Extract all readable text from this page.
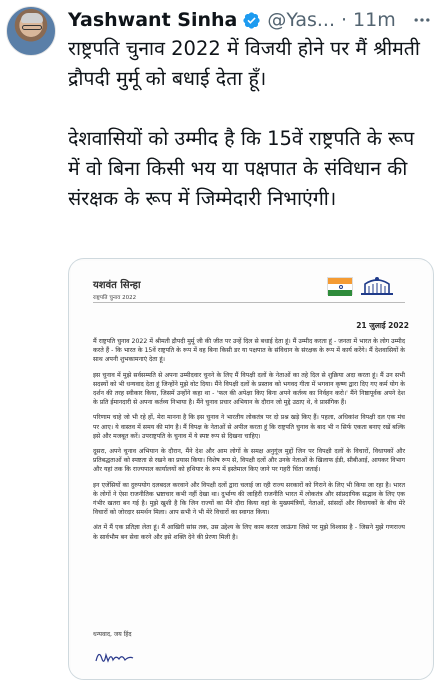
Yashwant Sinha @Yas... · 11m

राष्ट्रपति चुनाव 2022 में विजयी होने पर मैं श्रीमती द्रौपदी मुर्मू को बधाई देता हूँ।

देशवासियों को उम्मीद है कि 15वें राष्ट्रपति के रूप में वो बिना किसी भय या पक्षपात के संविधान की संरक्षक के रूप में जिम्मेदारी निभाएंगी।

यशवंत सिन्हा
राष्ट्रपति चुनाव 2022
21 जुलाई 2022

मैं राष्ट्रपति चुनाव 2022 में श्रीमती द्रौपदी मुर्मू जी की जीत पर उन्हें दिल से बधाई देता हूं। मैं उम्मीद करता हूं - जनता में भारत के लोग उम्मीद करते हैं - कि भारत के 15वें राष्ट्रपति के रूप में वह बिना किसी डर या पक्षपात के संविधान के संरक्षक के रूप में कार्य करेंगे। मैं देशवासियों के साथ अपनी शुभकामनाएं देता हूं।

इस चुनाव में मुझे सर्वसम्मति से अपना उम्मीदवार चुनने के लिए मैं विपक्षी दलों के नेताओं का तहे दिल से शुक्रिया अदा करता हूं। मैं उन सभी सदस्यों को भी धन्यवाद देता हूं जिन्होंने मुझे वोट दिया। मैंने विपक्षी दलों के प्रस्ताव को भगवद गीता में भगवान कृष्ण द्वारा दिए गए कर्म योग के दर्शन की तरह स्वीकार किया, जिसमें उन्होंने कहा था - 'फल की अपेक्षा किए बिना अपने कर्तव्य का निर्वहन करो।' मैंने निष्ठापूर्वक अपने देश के प्रति ईमानदारी से अपना कर्तव्य निभाया है। मैंने चुनाव प्रचार अभियान के दौरान जो मुद्दे उठाए थे, वे प्रासंगिक हैं।

परिणाम चाहे जो भी रहे हों, मेरा मानना है कि इस चुनाव ने भारतीय लोकतंत्र पर दो प्रश्न खड़े किए हैं। पहला, अधिकांश विपक्षी दल एक मंच पर आए। ये वास्तव में समय की मांग है। मैं विपक्ष के नेताओं से अपील करता हूं कि राष्ट्रपति चुनाव के बाद भी न सिर्फ एकता बनाए रखें बल्कि इसे और मजबूत करें। उपराष्ट्रपति के चुनाव में ये स्पष्ट रूप से दिखना चाहिए।

दूसरा, अपने चुनाव अभियान के दौरान, मैंने देश और आम लोगों के समक्ष अनुगूंज मुद्दों जिन पर विपक्षी दलों के विचारों, विधायकों और प्रतिबद्धताओं को स्पष्टता से रखने का प्रयास किया। विशेष रूप से, विपक्षी दलों और उनके नेताओं के खिलाफ ईडी, सीबीआई, आयकर विभाग और यहां तक कि राज्यपाल कार्यालयों को हथियार के रूप में इस्तेमाल किए जाने पर गहरी चिंता जताई।

इन एजेंसियों का दुरुपयोग दलबदल करवाने और विपक्षी दलों द्वारा चलाई जा रही राज्य सरकारों को गिराने के लिए भी किया जा रहा है। भारत के लोगों ने ऐसा राजनीतिक भ्रष्टाचार कभी नहीं देखा था। दुर्भाग्य की जाहिरी राजनीति भारत में लोकतंत्र और सांप्रदायिक सद्भाव के लिए एक गंभीर खतरा बन गई है। मुझे खुशी है कि जिन राज्यों का मैंने दौरा किया वहां के मुख्यमंत्रियों, नेताओं, सांसदों और विधायकों के बीच मेरे विचारों को जोरदार समर्थन मिला। आप सभी ने भी मेरे विचारों का स्वागत किया।

अंत में मैं एक प्रतिज्ञा लेता हूं। मैं आखिरी सांस तक, उस उद्देश्य के लिए काम करता जाऊंगा जिसे पर मुझे विश्वास है - जिसने मुझे गणराज्य के सार्वभौम बन सेवा करने और इसे शक्ति देने की प्रेरणा मिली है।

धन्यवाद, जय हिंद
